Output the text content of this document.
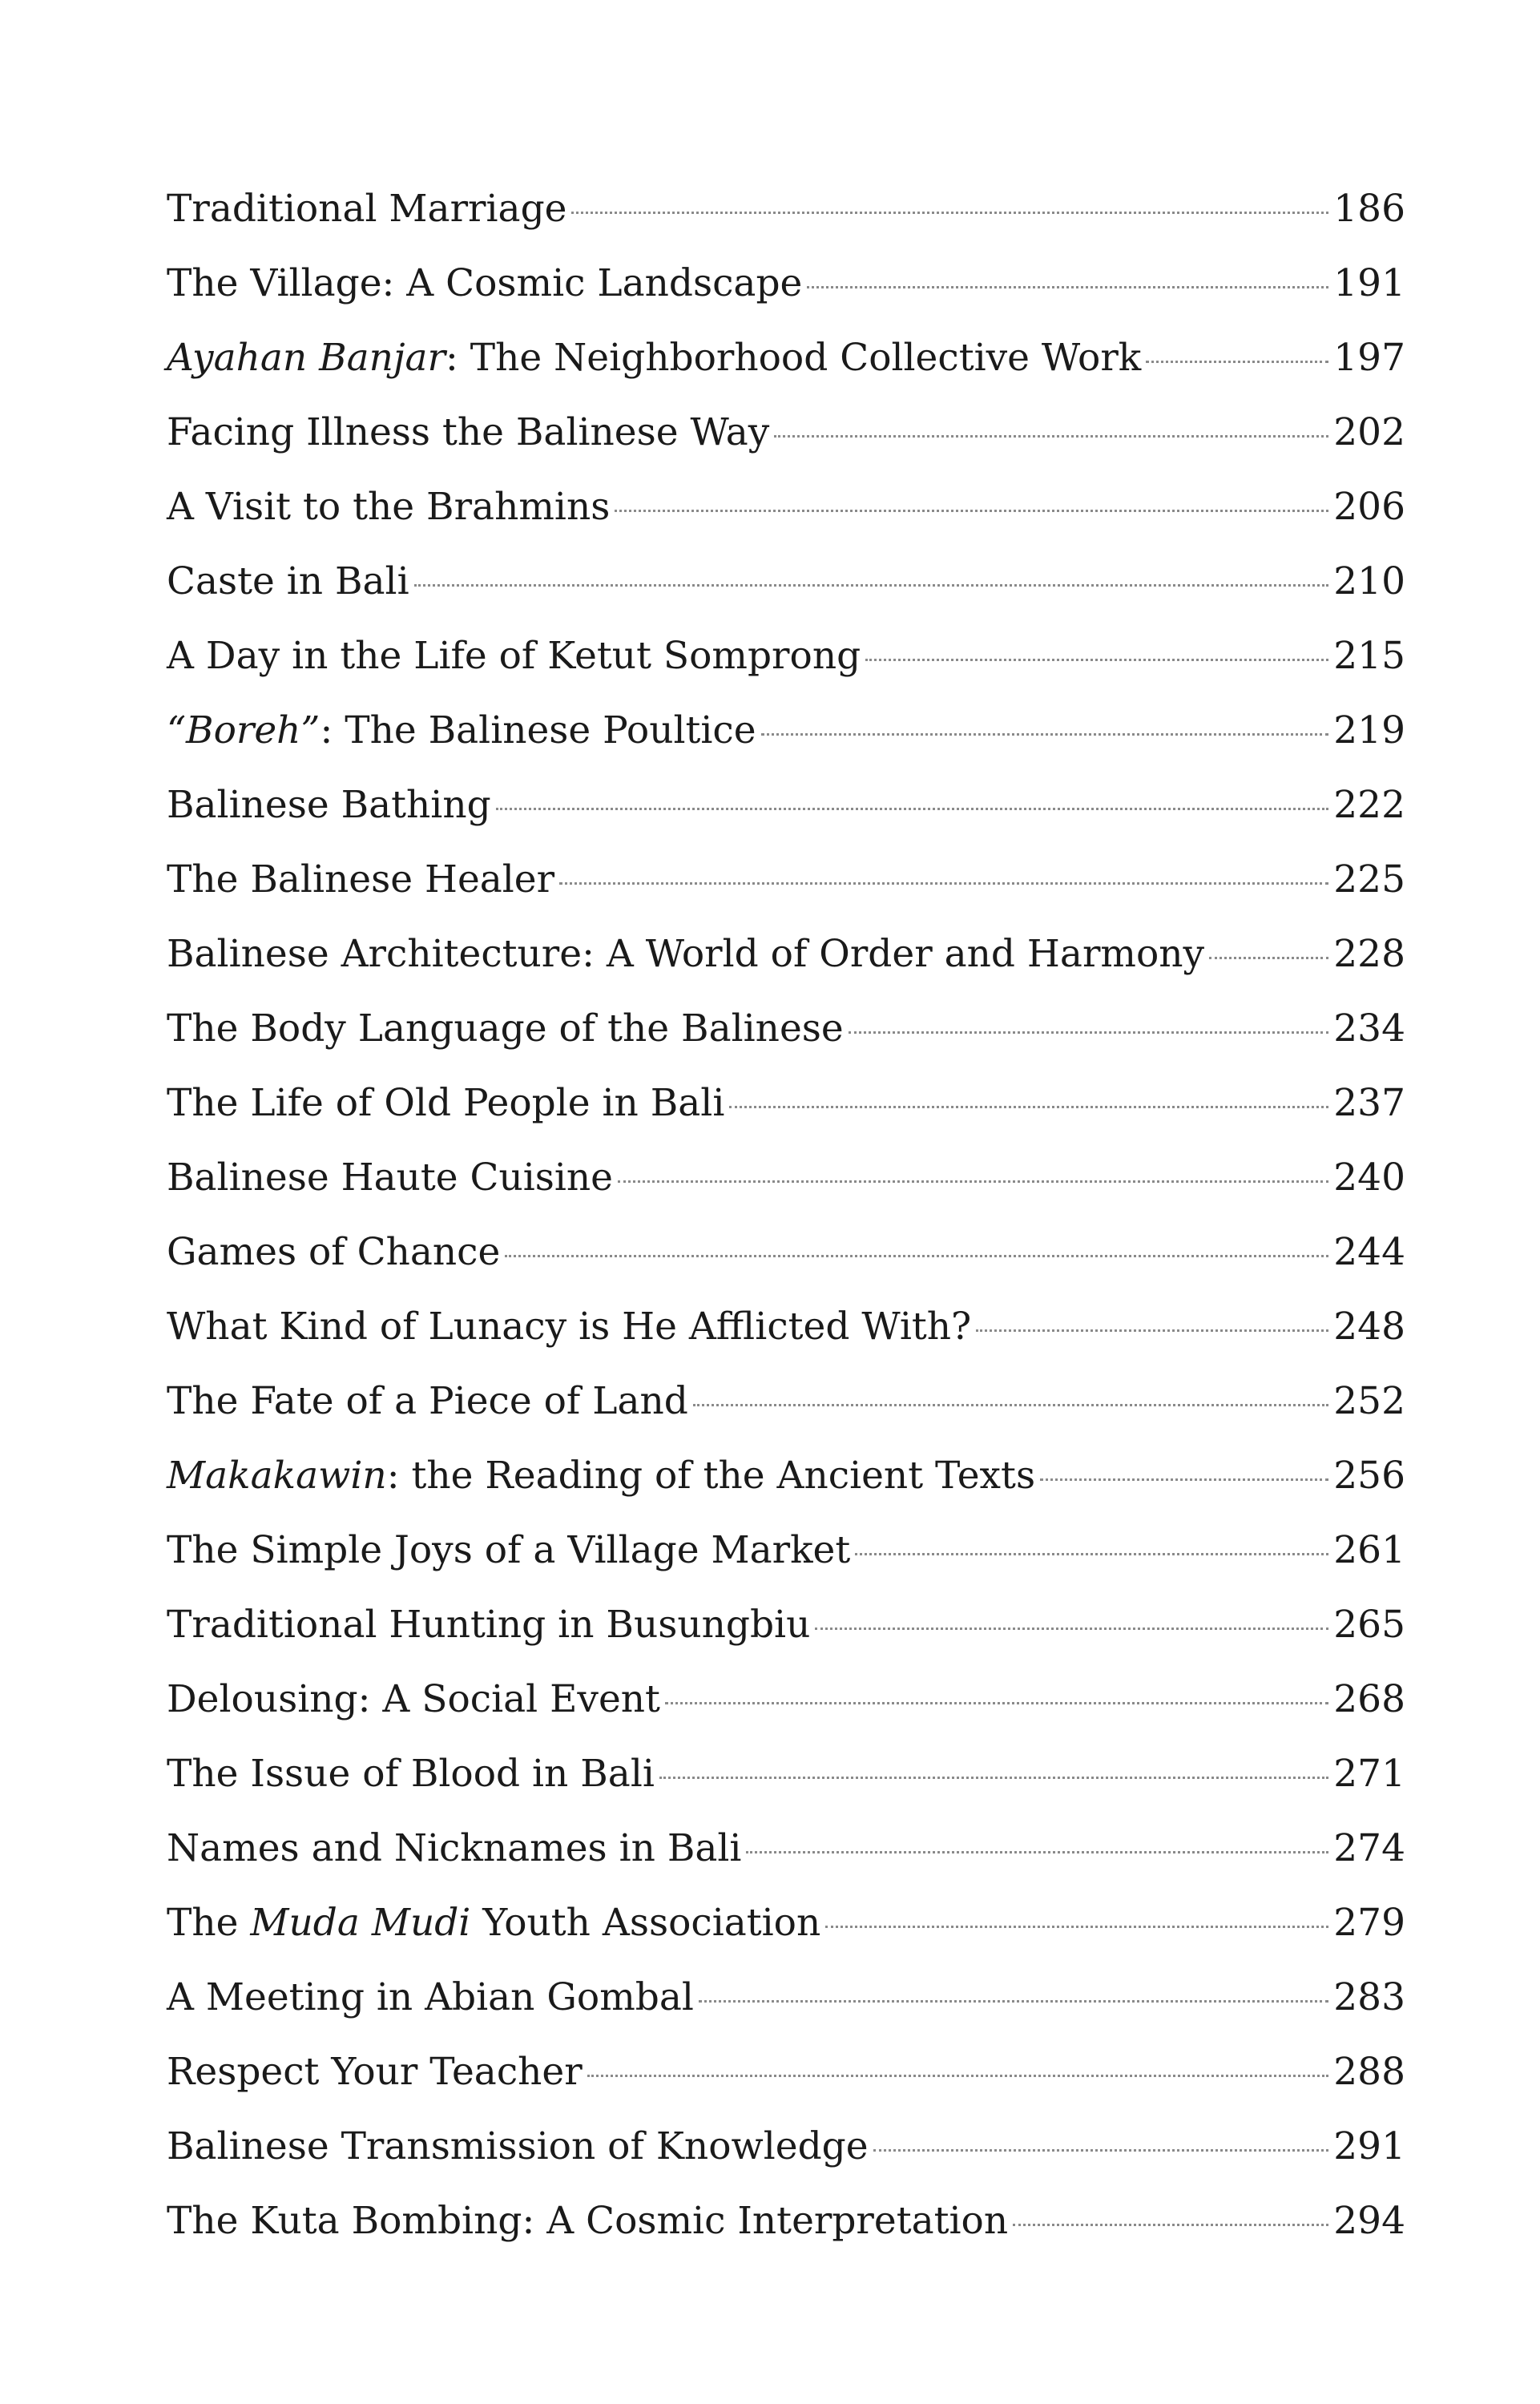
Traditional Marriage	186
The Village: A Cosmic Landscape	191
Ayahan Banjar: The Neighborhood Collective Work	197
Facing Illness the Balinese Way	202
A Visit to the Brahmins	206
Caste in Bali	210
A Day in the Life of Ketut Somprong	215
“Boreh”: The Balinese Poultice	219
Balinese Bathing	222
The Balinese Healer	225
Balinese Architecture: A World of Order and Harmony	228
The Body Language of the Balinese	234
The Life of Old People in Bali	237
Balinese Haute Cuisine	240
Games of Chance	244
What Kind of Lunacy is He Afflicted With?	248
The Fate of a Piece of Land	252
Makakawin: the Reading of the Ancient Texts	256
The Simple Joys of a Village Market	261
Traditional Hunting in Busungbiu	265
Delousing: A Social Event	268
The Issue of Blood in Bali	271
Names and Nicknames in Bali	274
The Muda Mudi Youth Association	279
A Meeting in Abian Gombal	283
Respect Your Teacher	288
Balinese Transmission of Knowledge	291
The Kuta Bombing: A Cosmic Interpretation	294
